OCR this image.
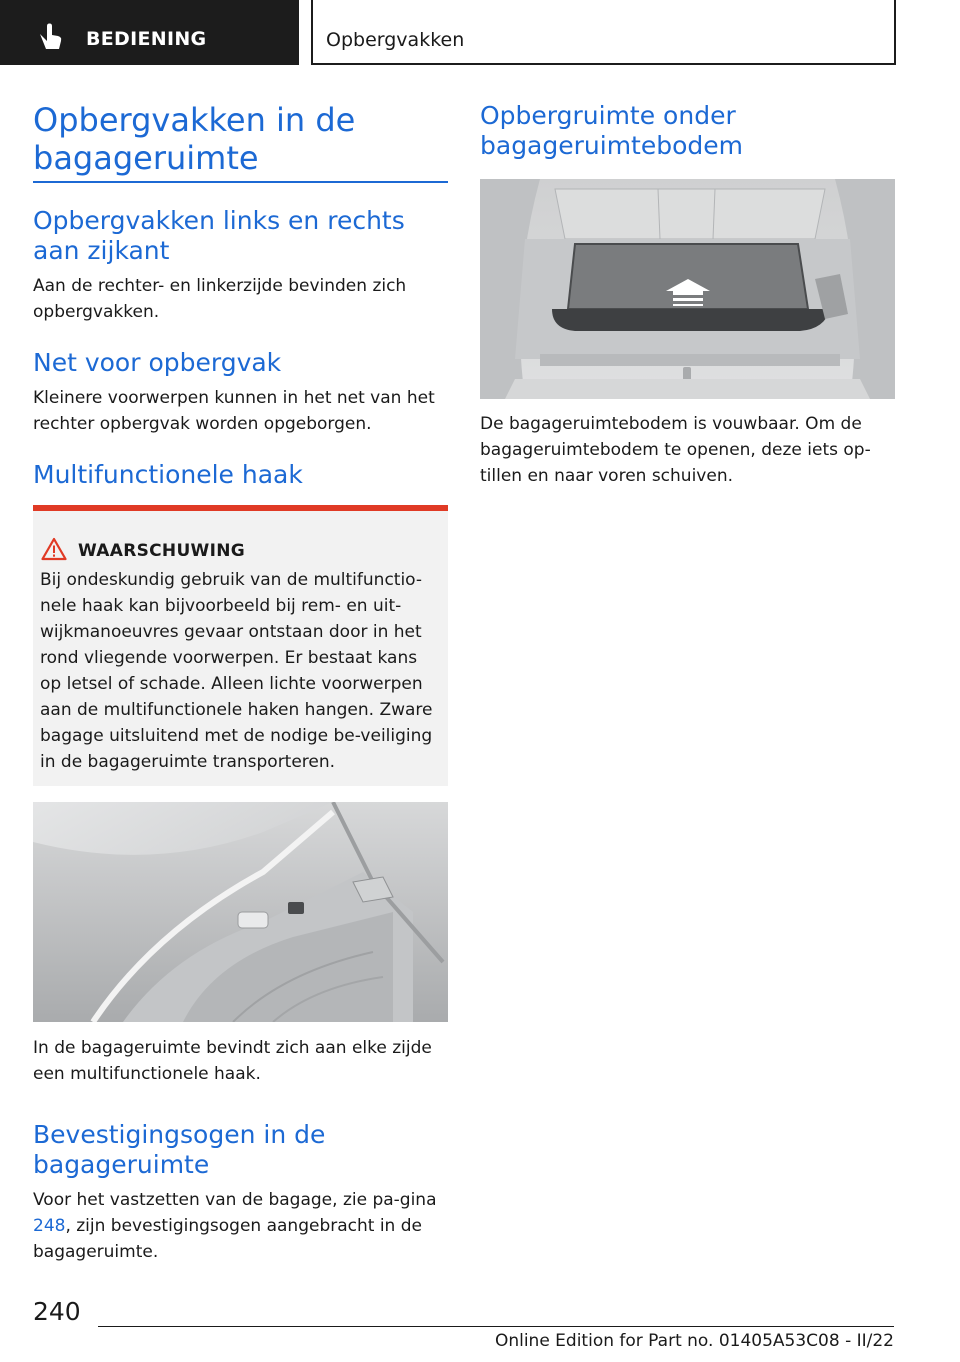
BEDIENING	Opbergvakken
Opbergvakken in de bagageruimte
Opbergvakken links en rechts aan zijkant

Aan de rechter- en linkerzijde bevinden zich opbergvakken.

Net voor opbergvak

Kleinere voorwerpen kunnen in het net van het rechter opbergvak worden opgeborgen.

Multifunctionele haak
WAARSCHUWING

Bij ondeskundig gebruik van de multifunctio-nele haak kan bijvoorbeeld bij rem- en uit-wijkmanoeuvres gevaar ontstaan door in het rond vliegende voorwerpen. Er bestaat kans op letsel of schade. Alleen lichte voorwerpen aan de multifunctionele haken hangen. Zware bagage uitsluitend met de nodige be-veiliging in de bagageruimte transporteren.

In de bagageruimte bevindt zich aan elke zijde een multifunctionele haak.

Bevestigingsogen in de bagageruimte

Voor het vastzetten van de bagage, zie pa-gina 248, zijn bevestigingsogen aangebracht in de bagageruimte.

Opbergruimte onder bagageruimtebodem

De bagageruimtebodem is vouwbaar. Om de bagageruimtebodem te openen, deze iets op-tillen en naar voren schuiven.

240
Online Edition for Part no. 01405A53C08 - II/22
